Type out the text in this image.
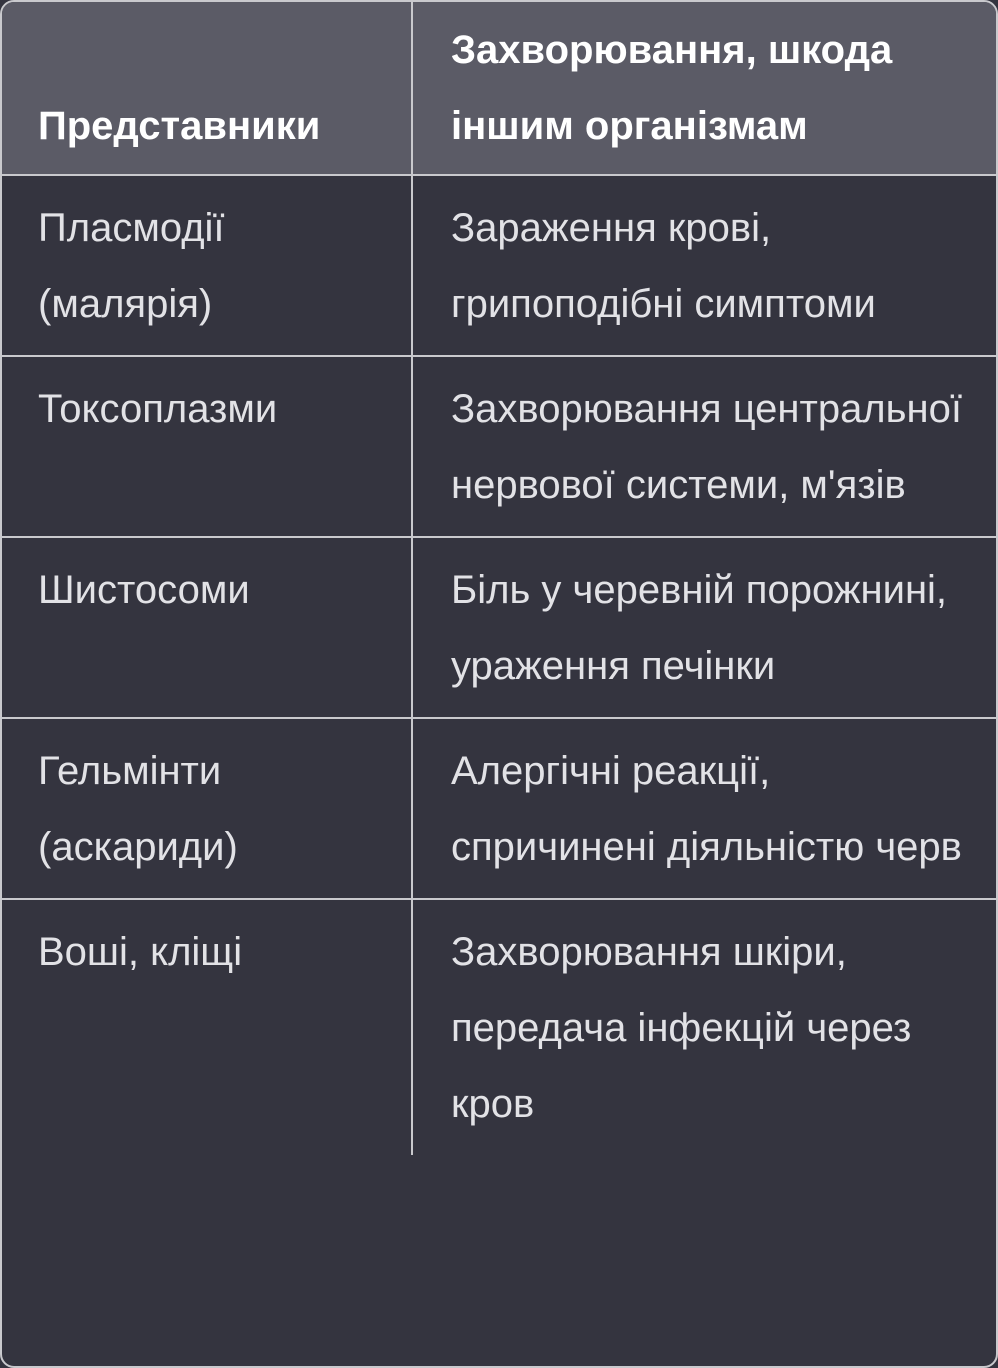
Представники	Захворювання, шкода іншим організмам
Пласмодії (малярія)	Зараження крові, грипоподібні симптоми
Токсоплазми	Захворювання центральної нервової системи, м'язів
Шистосоми	Біль у черевній порожнині, ураження печінки
Гельмінти (аскариди)	Алергічні реакції, спричинені діяльністю черв
Воші, кліщі	Захворювання шкіри, передача інфекцій через кров
